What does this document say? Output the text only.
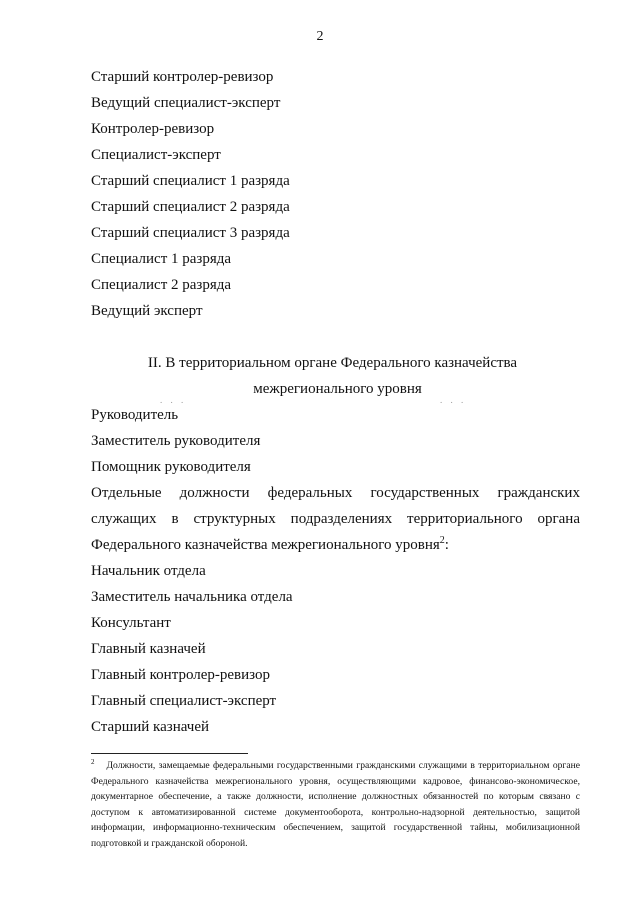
2
Старший контролер-ревизор
Ведущий специалист-эксперт
Контролер-ревизор
Специалист-эксперт
Старший специалист 1 разряда
Старший специалист 2 разряда
Старший специалист 3 разряда
Специалист 1 разряда
Специалист 2 разряда
Ведущий эксперт
II. В территориальном органе Федерального казначейства
. . .
межрегионального уровня
. . .
Руководитель
Заместитель руководителя
Помощник руководителя
Отдельные должности федеральных государственных гражданских
служащих в структурных подразделениях территориального органа
Федерального казначейства межрегионального уровня$^2$:
Начальник отдела
Заместитель начальника отдела
Консультант
Главный казначей
Главный контролер-ревизор
Главный специалист-эксперт
Старший казначей
$^2$ Должности, замещаемые федеральными государственными гражданскими служащими в территориальном органе Федерального казначейства межрегионального уровня, осуществляющими кадровое, финансово-экономическое, документарное обеспечение, а также должности, исполнение должностных обязанностей по которым связано с доступом к автоматизированной системе документооборота, контрольно-надзорной деятельностью, защитой информации, информационно-техническим обеспечением, защитой государственной тайны, мобилизационной подготовкой и гражданской обороной.
